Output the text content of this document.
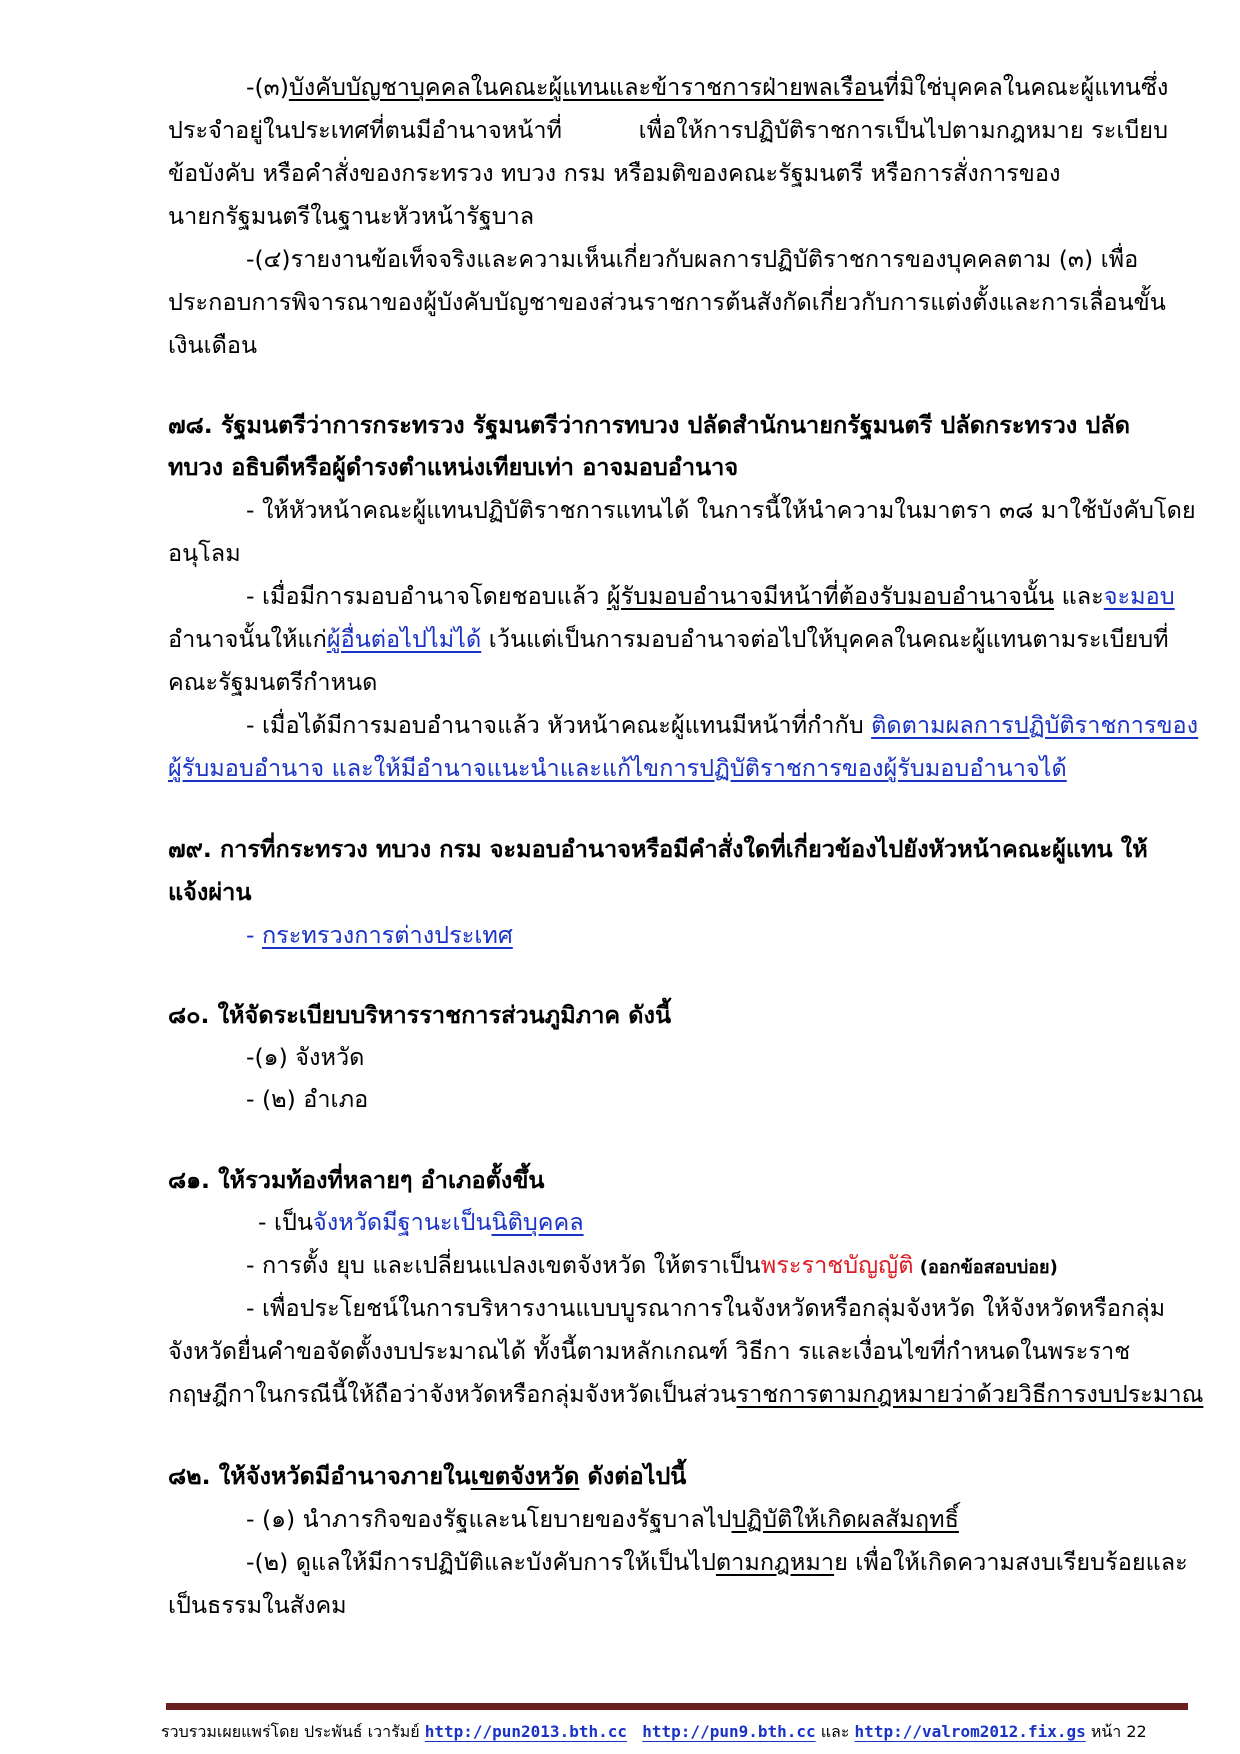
-(๓)บังคับบัญชาบุคคลในคณะผู้แทนและข้าราชการฝ่ายพลเรือนที่มิใช่บุคคลในคณะผู้แทนซึ่ง
ประจำอยู่ในประเทศที่ตนมีอำนาจหน้าที่	เพื่อให้การปฏิบัติราชการเป็นไปตามกฎหมาย ระเบียบ
ข้อบังคับ หรือคำสั่งของกระทรวง ทบวง กรม หรือมติของคณะรัฐมนตรี หรือการสั่งการของ
นายกรัฐมนตรีในฐานะหัวหน้ารัฐบาล
-(๔)รายงานข้อเท็จจริงและความเห็นเกี่ยวกับผลการปฏิบัติราชการของบุคคลตาม (๓) เพื่อ
ประกอบการพิจารณาของผู้บังคับบัญชาของส่วนราชการต้นสังกัดเกี่ยวกับการแต่งตั้งและการเลื่อนขั้น
เงินเดือน
๗๘. รัฐมนตรีว่าการกระทรวง รัฐมนตรีว่าการทบวง ปลัดสำนักนายกรัฐมนตรี ปลัดกระทรวง ปลัด
ทบวง อธิบดีหรือผู้ดำรงตำแหน่งเทียบเท่า อาจมอบอำนาจ
- ให้หัวหน้าคณะผู้แทนปฏิบัติราชการแทนได้ ในการนี้ให้นำความในมาตรา ๓๘ มาใช้บังคับโดย
อนุโลม
- เมื่อมีการมอบอำนาจโดยชอบแล้ว ผู้รับมอบอำนาจมีหน้าที่ต้องรับมอบอำนาจนั้น และจะมอบ
อำนาจนั้นให้แก่ผู้อื่นต่อไปไม่ได้ เว้นแต่เป็นการมอบอำนาจต่อไปให้บุคคลในคณะผู้แทนตามระเบียบที่
คณะรัฐมนตรีกำหนด
- เมื่อได้มีการมอบอำนาจแล้ว หัวหน้าคณะผู้แทนมีหน้าที่กำกับ ติดตามผลการปฏิบัติราชการของ
ผู้รับมอบอำนาจ และให้มีอำนาจแนะนำและแก้ไขการปฏิบัติราชการของผู้รับมอบอำนาจได้
๗๙. การที่กระทรวง ทบวง กรม จะมอบอำนาจหรือมีคำสั่งใดที่เกี่ยวข้องไปยังหัวหน้าคณะผู้แทน ให้
แจ้งผ่าน
- กระทรวงการต่างประเทศ
๘๐. ให้จัดระเบียบบริหารราชการส่วนภูมิภาค ดังนี้
-(๑) จังหวัด
- (๒) อำเภอ
๘๑. ให้รวมท้องที่หลายๆ อำเภอตั้งขึ้น
- เป็นจังหวัดมีฐานะเป็นนิติบุคคล
- การตั้ง ยุบ และเปลี่ยนแปลงเขตจังหวัด ให้ตราเป็นพระราชบัญญัติ (ออกข้อสอบบ่อย)
- เพื่อประโยชน์ในการบริหารงานแบบบูรณาการในจังหวัดหรือกลุ่มจังหวัด ให้จังหวัดหรือกลุ่ม
จังหวัดยื่นคำขอจัดตั้งงบประมาณได้ ทั้งนี้ตามหลักเกณฑ์ วิธีกา รและเงื่อนไขที่กำหนดในพระราช
กฤษฎีกาในกรณีนี้ให้ถือว่าจังหวัดหรือกลุ่มจังหวัดเป็นส่วนราชการตามกฎหมายว่าด้วยวิธีการงบประมาณ
๘๒. ให้จังหวัดมีอำนาจภายในเขตจังหวัด ดังต่อไปนี้
- (๑) นำภารกิจของรัฐและนโยบายของรัฐบาลไปปฏิบัติให้เกิดผลสัมฤทธิ์
-(๒) ดูแลให้มีการปฏิบัติและบังคับการให้เป็นไปตามกฎหมาย เพื่อให้เกิดความสงบเรียบร้อยและ
เป็นธรรมในสังคม
รวบรวมเผยแพร่โดย ประพันธ์ เวารัมย์ http://pun2013.bth.cc http://pun9.bth.cc และ http://valrom2012.fix.gs หน้า 22
